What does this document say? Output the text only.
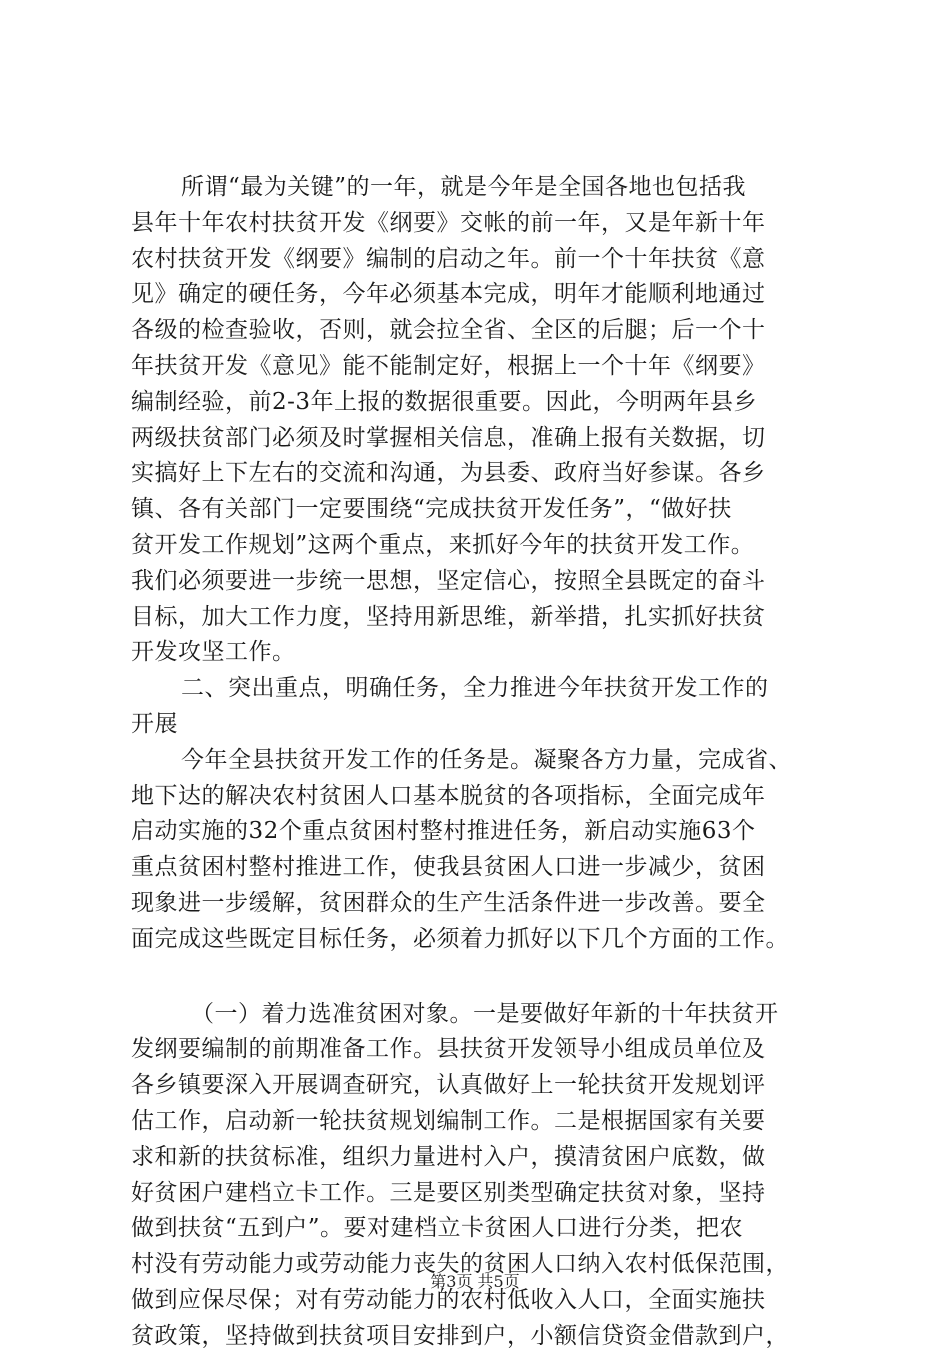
所谓“最为关键”的一年，就是今年是全国各地也包括我
县年十年农村扶贫开发《纲要》交帐的前一年，又是年新十年
农村扶贫开发《纲要》编制的启动之年。前一个十年扶贫《意
见》确定的硬任务，今年必须基本完成，明年才能顺利地通过
各级的检查验收，否则，就会拉全省、全区的后腿；后一个十
年扶贫开发《意见》能不能制定好，根据上一个十年《纲要》
编制经验，前2-3年上报的数据很重要。因此，今明两年县乡
两级扶贫部门必须及时掌握相关信息，准确上报有关数据，切
实搞好上下左右的交流和沟通，为县委、政府当好参谋。各乡
镇、各有关部门一定要围绕“完成扶贫开发任务”，“做好扶
贫开发工作规划”这两个重点，来抓好今年的扶贫开发工作。
我们必须要进一步统一思想，坚定信心，按照全县既定的奋斗
目标，加大工作力度，坚持用新思维，新举措，扎实抓好扶贫
开发攻坚工作。
二、突出重点，明确任务，全力推进今年扶贫开发工作的
开展
今年全县扶贫开发工作的任务是。凝聚各方力量，完成省、
地下达的解决农村贫困人口基本脱贫的各项指标，全面完成年
启动实施的32个重点贫困村整村推进任务，新启动实施63个
重点贫困村整村推进工作，使我县贫困人口进一步减少，贫困
现象进一步缓解，贫困群众的生产生活条件进一步改善。要全
面完成这些既定目标任务，必须着力抓好以下几个方面的工作。
（一）着力选准贫困对象。一是要做好年新的十年扶贫开
发纲要编制的前期准备工作。县扶贫开发领导小组成员单位及
各乡镇要深入开展调查研究，认真做好上一轮扶贫开发规划评
估工作，启动新一轮扶贫规划编制工作。二是根据国家有关要
求和新的扶贫标准，组织力量进村入户，摸清贫困户底数，做
好贫困户建档立卡工作。三是要区别类型确定扶贫对象，坚持
做到扶贫“五到户”。要对建档立卡贫困人口进行分类，把农
村没有劳动能力或劳动能力丧失的贫困人口纳入农村低保范围，
做到应保尽保；对有劳动能力的农村低收入人口，全面实施扶
贫政策，坚持做到扶贫项目安排到户，小额信贷资金借款到户，
第3页 共5页
